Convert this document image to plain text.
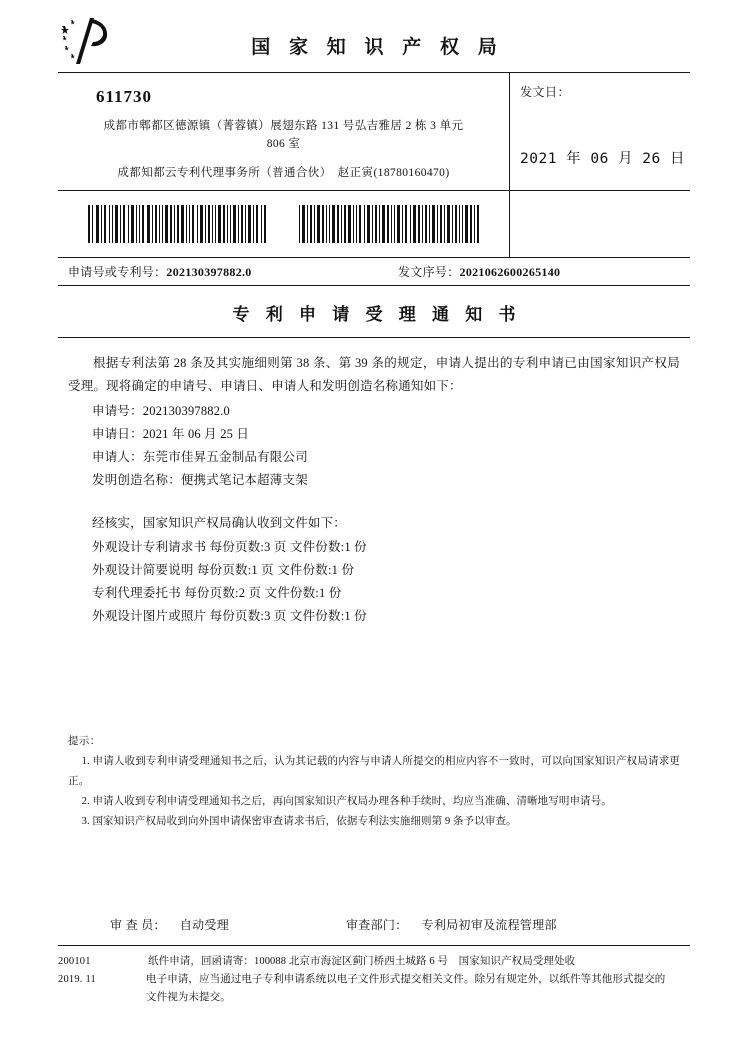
国 家 知 识 产 权 局
611730
成都市郫都区德源镇（菁蓉镇）展翅东路 131 号弘吉雅居 2 栋 3 单元
806 室
成都知都云专利代理事务所（普通合伙）　赵正寅(18780160470)
发文日：
2021 年 06 月 26 日
申请号或专利号：202130397882.0	发文序号：2021062600265140
专 利 申 请 受 理 通 知 书
根据专利法第 28 条及其实施细则第 38 条、第 39 条的规定，申请人提出的专利申请已由国家知识产权局受理。现将确定的申请号、申请日、申请人和发明创造名称通知如下：
申请号：202130397882.0
申请日：2021 年 06 月 25 日
申请人：东莞市佳昇五金制品有限公司
发明创造名称：便携式笔记本超薄支架
经核实，国家知识产权局确认收到文件如下：
外观设计专利请求书 每份页数:3 页 文件份数:1 份
外观设计简要说明 每份页数:1 页 文件份数:1 份
专利代理委托书 每份页数:2 页 文件份数:1 份
外观设计图片或照片 每份页数:3 页 文件份数:1 份
提示：
1. 申请人收到专利申请受理通知书之后，认为其记载的内容与申请人所提交的相应内容不一致时，可以向国家知识产权局请求更正。
2. 申请人收到专利申请受理通知书之后，再向国家知识产权局办理各种手续时，均应当准确、清晰地写明申请号。
3. 国家知识产权局收到向外国申请保密审查请求书后，依据专利法实施细则第 9 条予以审查。
审 查 员： 自动受理	审查部门： 专利局初审及流程管理部
200101
2019. 11
纸件申请，回函请寄：100088 北京市海淀区蓟门桥西土城路 6 号　国家知识产权局受理处收
电子申请，应当通过电子专利申请系统以电子文件形式提交相关文件。除另有规定外，以纸件等其他形式提交的
文件视为未提交。
